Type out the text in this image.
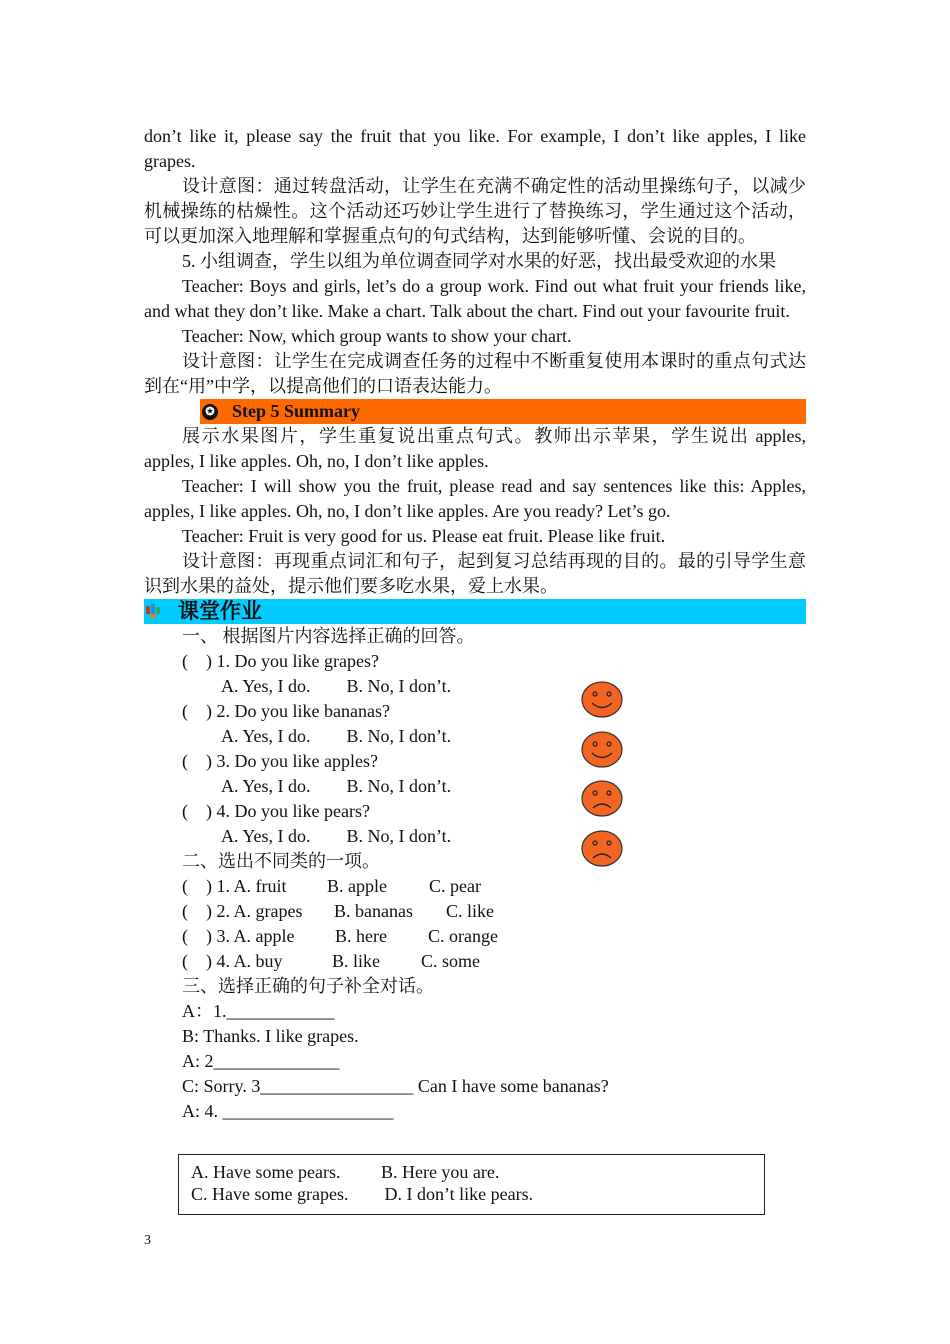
don’t like it, please say the fruit that you like. For example, I don’t like apples, I like grapes.

设计意图：通过转盘活动，让学生在充满不确定性的活动里操练句子，以减少机械操练的枯燥性。这个活动还巧妙让学生进行了替换练习，学生通过这个活动，可以更加深入地理解和掌握重点句的句式结构，达到能够听懂、会说的目的。

5. 小组调查，学生以组为单位调查同学对水果的好恶，找出最受欢迎的水果

Teacher: Boys and girls, let’s do a group work. Find out what fruit your friends like, and what they don’t like. Make a chart. Talk about the chart. Find out your favourite fruit.

Teacher: Now, which group wants to show your chart.

设计意图：让学生在完成调查任务的过程中不断重复使用本课时的重点句式达到在“用”中学，以提高他们的口语表达能力。

✪ Step 5 Summary

展示水果图片，学生重复说出重点句式。教师出示苹果，学生说出 apples, apples, I like apples. Oh, no, I don’t like apples.

Teacher: I will show you the fruit, please read and say sentences like this: Apples, apples, I like apples. Oh, no, I don’t like apples. Are you ready? Let’s go.

Teacher: Fruit is very good for us. Please eat fruit. Please like fruit.

设计意图：再现重点词汇和句子，起到复习总结再现的目的。最的引导学生意识到水果的益处，提示他们要多吃水果，爱上水果。

课堂作业
一、 根据图片内容选择正确的回答。
(    ) 1. Do you like grapes?
A. Yes, I do.        B. No, I don’t.
(    ) 2. Do you like bananas?
A. Yes, I do.        B. No, I don’t.
(    ) 3. Do you like apples?
A. Yes, I do.        B. No, I don’t.
(    ) 4. Do you like pears?
A. Yes, I do.        B. No, I don’t.
二、选出不同类的一项。
(    ) 1. A. fruit	B. apple	C. pear
(    ) 2. A. grapes	B. bananas	C. like
(    ) 3. A. apple	B. here	C. orange
(    ) 4. A. buy	B. like	C. some
三、选择正确的句子补全对话。
A：1.____________
B: Thanks. I like grapes.
A: 2______________
C: Sorry. 3_________________ Can I have some bananas?
A: 4. ___________________
A. Have some pears.         B. Here you are.
C. Have some grapes.        D. I don’t like pears.
3
